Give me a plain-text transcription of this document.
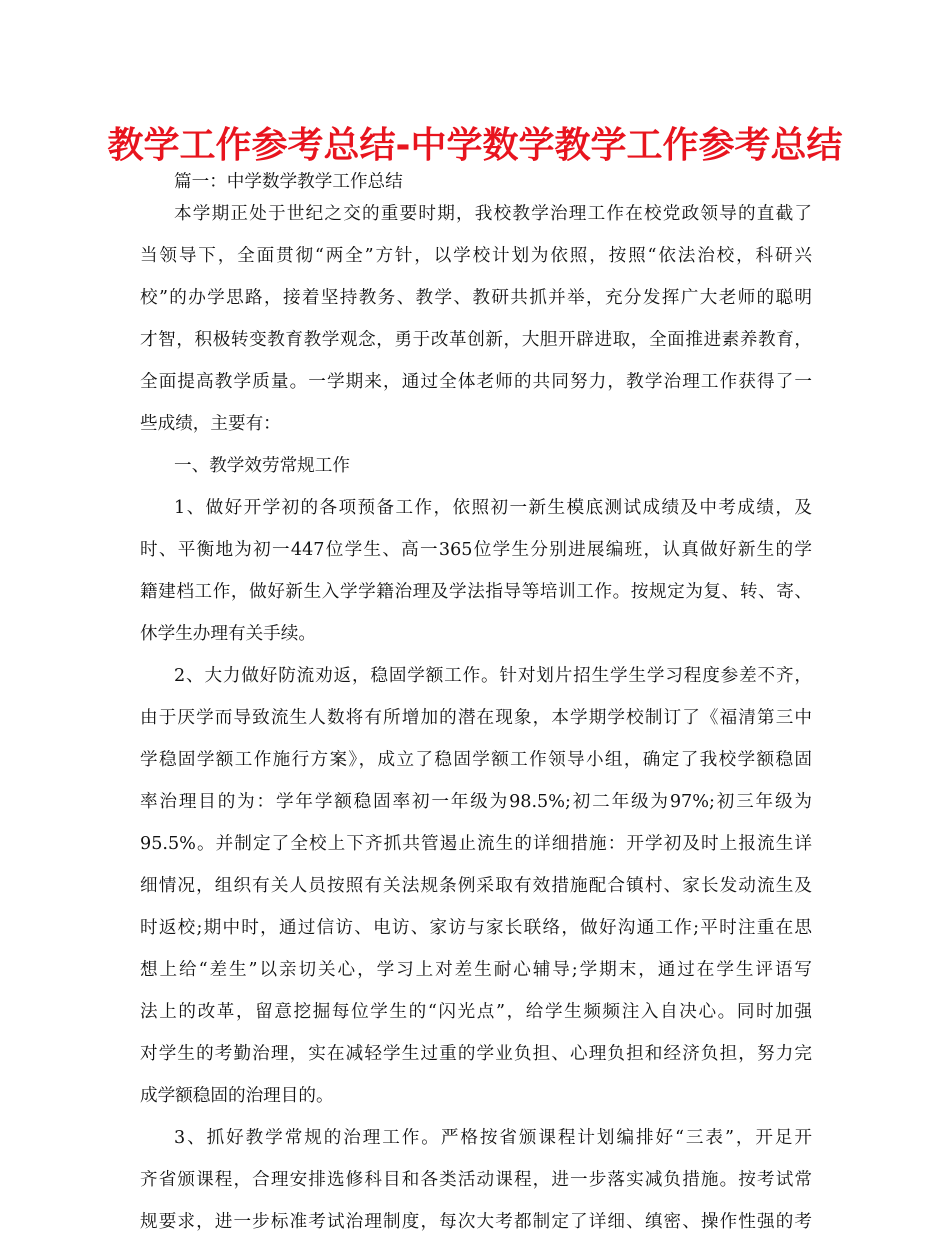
教学工作参考总结-中学数学教学工作参考总结
篇一：中学数学教学工作总结
本学期正处于世纪之交的重要时期，我校教学治理工作在校党政领导的直截了
当领导下，全面贯彻“两全”方针，以学校计划为依照，按照“依法治校，科研兴
校”的办学思路，接着坚持教务、教学、教研共抓并举，充分发挥广大老师的聪明
才智，积极转变教育教学观念，勇于改革创新，大胆开辟进取，全面推进素养教育，
全面提高教学质量。一学期来，通过全体老师的共同努力，教学治理工作获得了一
些成绩，主要有：
一、教学效劳常规工作
1、做好开学初的各项预备工作，依照初一新生模底测试成绩及中考成绩，及
时、平衡地为初一447位学生、高一365位学生分别进展编班，认真做好新生的学
籍建档工作，做好新生入学学籍治理及学法指导等培训工作。按规定为复、转、寄、
休学生办理有关手续。
2、大力做好防流劝返，稳固学额工作。针对划片招生学生学习程度参差不齐，
由于厌学而导致流生人数将有所增加的潜在现象，本学期学校制订了《福清第三中
学稳固学额工作施行方案》，成立了稳固学额工作领导小组，确定了我校学额稳固
率治理目的为：学年学额稳固率初一年级为98.5%;初二年级为97%;初三年级为
95.5%。并制定了全校上下齐抓共管遏止流生的详细措施：开学初及时上报流生详
细情况，组织有关人员按照有关法规条例采取有效措施配合镇村、家长发动流生及
时返校;期中时，通过信访、电访、家访与家长联络，做好沟通工作;平时注重在思
想上给“差生”以亲切关心，学习上对差生耐心辅导;学期末，通过在学生评语写
法上的改革，留意挖掘每位学生的“闪光点”，给学生频频注入自决心。同时加强
对学生的考勤治理，实在减轻学生过重的学业负担、心理负担和经济负担，努力完
成学额稳固的治理目的。
3、抓好教学常规的治理工作。严格按省颁课程计划编排好“三表”，开足开
齐省颁课程，合理安排选修科目和各类活动课程，进一步落实减负措施。按考试常
规要求，进一步标准考试治理制度，每次大考都制定了详细、缜密、操作性强的考
